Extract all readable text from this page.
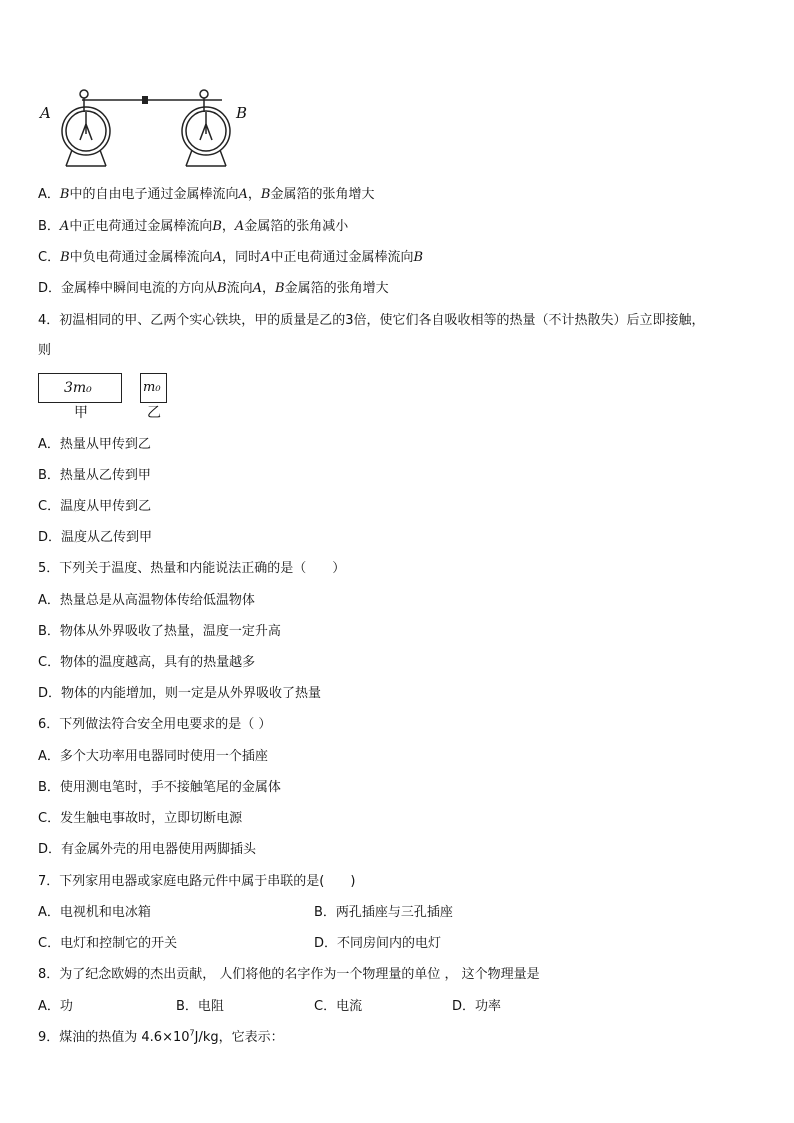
A	B
A．B中的自由电子通过金属棒流向A，B金属箔的张角增大
B．A中正电荷通过金属棒流向B，A金属箔的张角减小
C．B中负电荷通过金属棒流向A，同时A中正电荷通过金属棒流向B
D．金属棒中瞬间电流的方向从B流向A，B金属箔的张角增大
4．初温相同的甲、乙两个实心铁块，甲的质量是乙的3倍，使它们各自吸收相等的热量（不计热散失）后立即接触，
则
3m₀
甲
m₀
乙
A．热量从甲传到乙
B．热量从乙传到甲
C．温度从甲传到乙
D．温度从乙传到甲
5．下列关于温度、热量和内能说法正确的是（　　）
A．热量总是从高温物体传给低温物体
B．物体从外界吸收了热量，温度一定升高
C．物体的温度越高，具有的热量越多
D．物体的内能增加，则一定是从外界吸收了热量
6．下列做法符合安全用电要求的是（ ）
A．多个大功率用电器同时使用一个插座
B．使用测电笔时，手不接触笔尾的金属体
C．发生触电事故时，立即切断电源
D．有金属外壳的用电器使用两脚插头
7．下列家用电器或家庭电路元件中属于串联的是(　　)
A．电视机和电冰箱	B．两孔插座与三孔插座
C．电灯和控制它的开关	D．不同房间内的电灯
8．为了纪念欧姆的杰出贡献， 人们将他的名字作为一个物理量的单位 ， 这个物理量是
A．功	B．电阻	C．电流	D．功率
9．煤油的热值为 $4.6\times 10^7J/kg$，它表示：
